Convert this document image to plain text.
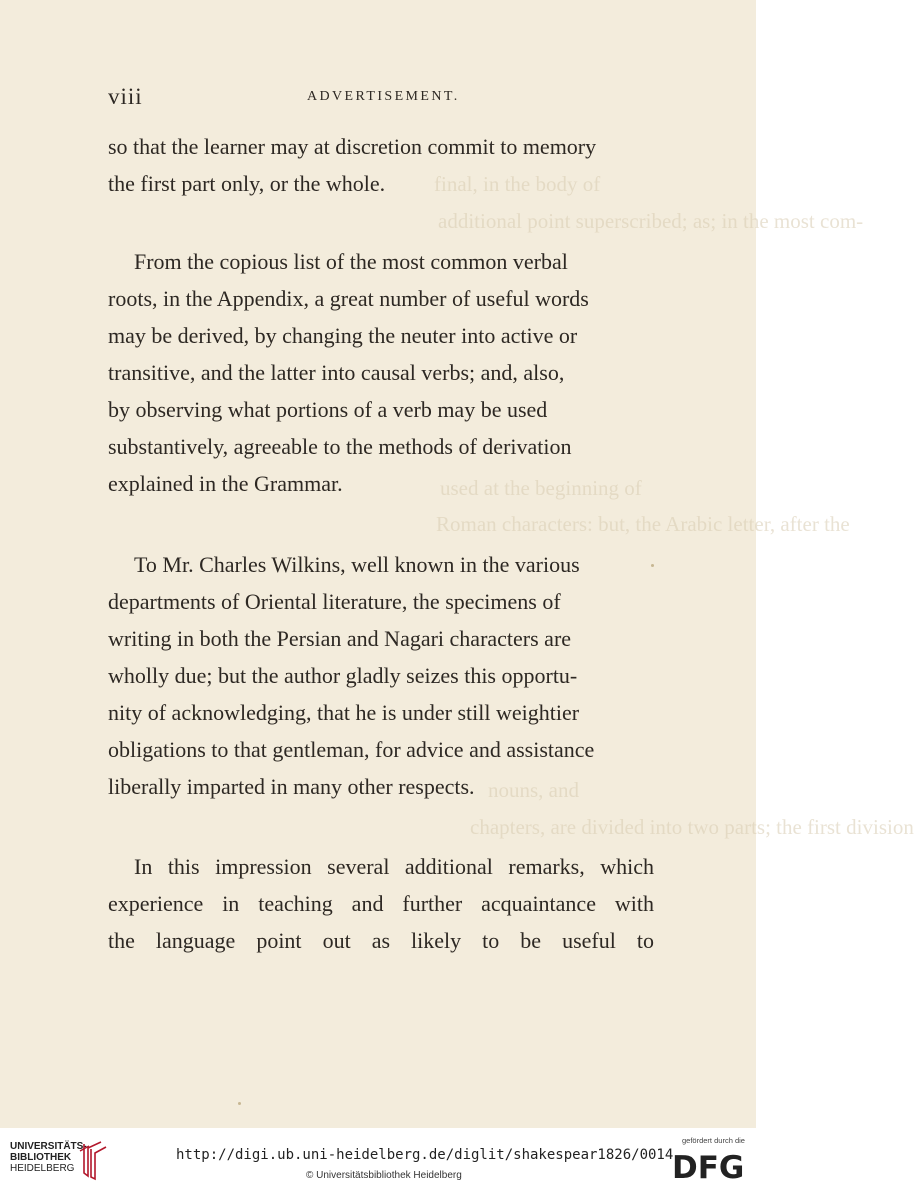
final, in the body of
additional point superscribed; as; in the most com-
used at the beginning of
Roman characters: but, the Arabic letter, after the
nouns, and
chapters, are divided into two parts; the first division
viii	ADVERTISEMENT.

so that the learner may at discretion commit to memory
the first part only, or the whole.

From the copious list of the most common verbal
roots, in the Appendix, a great number of useful words
may be derived, by changing the neuter into active or
transitive, and the latter into causal verbs; and, also,
by observing what portions of a verb may be used
substantively, agreeable to the methods of derivation
explained in the Grammar.

To Mr. Charles Wilkins, well known in the various
departments of Oriental literature, the specimens of
writing in both the Persian and Nagari characters are
wholly due; but the author gladly seizes this opportu-
nity of acknowledging, that he is under still weightier
obligations to that gentleman, for advice and assistance
liberally imparted in many other respects.

In this impression several additional remarks, which
experience in teaching and further acquaintance with
the language point out as likely to be useful to

UNIVERSITÄTS-
BIBLIOTHEK
HEIDELBERG
http://digi.ub.uni-heidelberg.de/diglit/shakespear1826/0014
© Universitätsbibliothek Heidelberg
gefördert durch die
DFG
